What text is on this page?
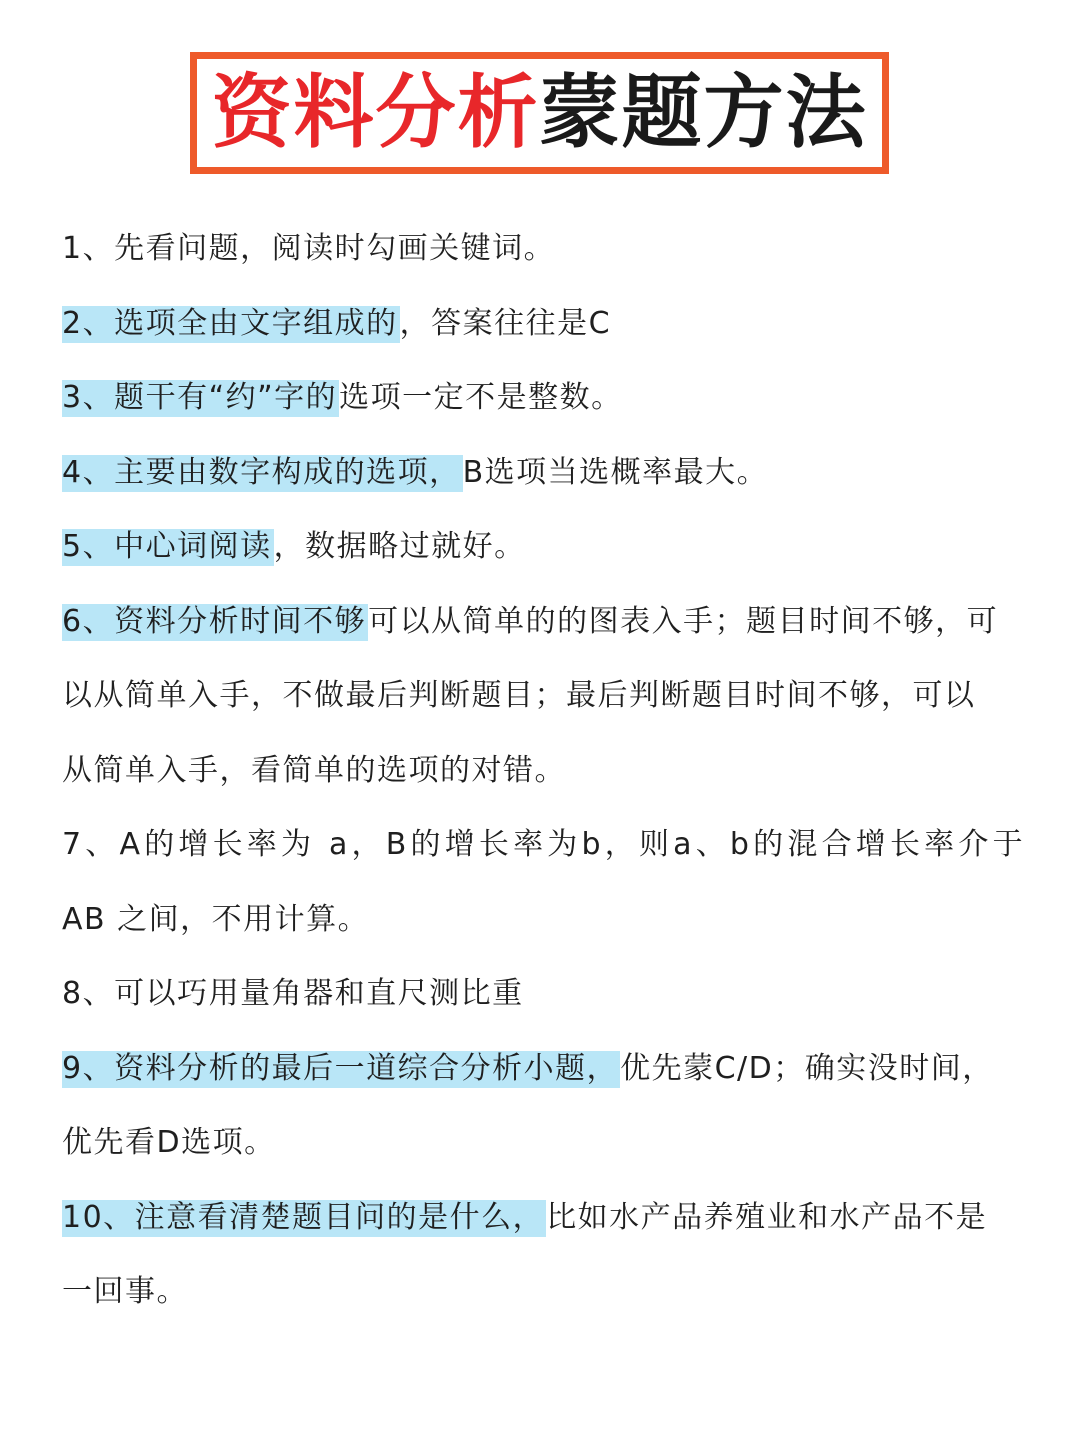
资料分析蒙题方法
1、先看问题，阅读时勾画关键词。
2、选项全由文字组成的，答案往往是C
3、题干有“约”字的选项一定不是整数。
4、主要由数字构成的选项，B选项当选概率最大。
5、中心词阅读，数据略过就好。
6、资料分析时间不够可以从简单的的图表入手；题目时间不够，可
以从简单入手，不做最后判断题目；最后判断题目时间不够，可以
从简单入手，看简单的选项的对错。
7、A的增长率为 a，B的增长率为b，则a、b的混合增长率介于
AB 之间，不用计算。
8、可以巧用量角器和直尺测比重
9、资料分析的最后一道综合分析小题，优先蒙C/D；确实没时间，
优先看D选项。
10、注意看清楚题目问的是什么，比如水产品养殖业和水产品不是
一回事。
